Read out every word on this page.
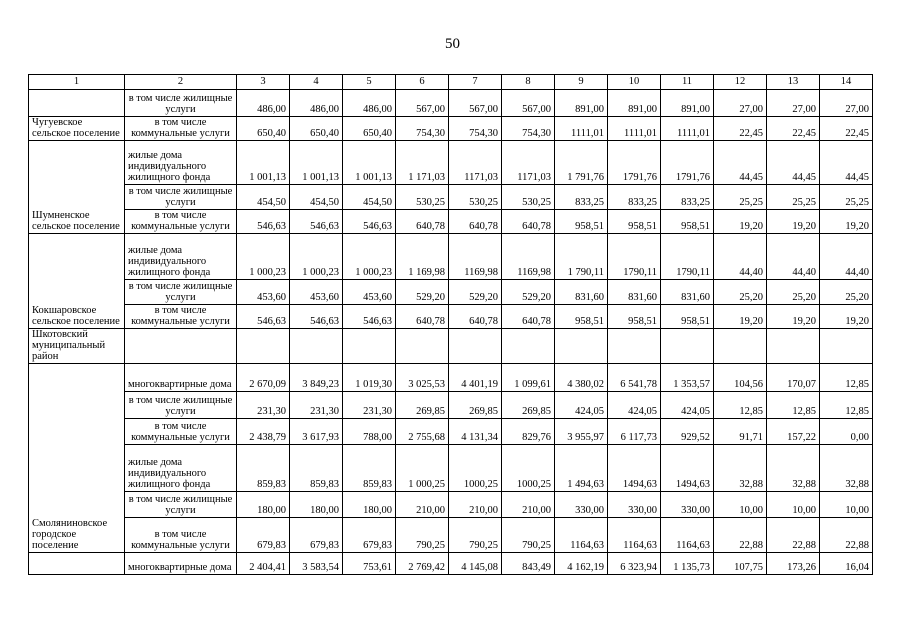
50
1	2	3	4	5	6	7	8	9	10	11	12	13	14
	в том числе жилищные услуги	486,00	486,00	486,00	567,00	567,00	567,00	891,00	891,00	891,00	27,00	27,00	27,00
Чугуевское сельское поселение	в том числе коммунальные услуги	650,40	650,40	650,40	754,30	754,30	754,30	1111,01	1111,01	1111,01	22,45	22,45	22,45
	жилые дома индивидуального жилищного фонда	1 001,13	1 001,13	1 001,13	1 171,03	1171,03	1171,03	1 791,76	1791,76	1791,76	44,45	44,45	44,45
	в том числе жилищные услуги	454,50	454,50	454,50	530,25	530,25	530,25	833,25	833,25	833,25	25,25	25,25	25,25
Шумненское сельское поселение	в том числе коммунальные услуги	546,63	546,63	546,63	640,78	640,78	640,78	958,51	958,51	958,51	19,20	19,20	19,20
	жилые дома индивидуального жилищного фонда	1 000,23	1 000,23	1 000,23	1 169,98	1169,98	1169,98	1 790,11	1790,11	1790,11	44,40	44,40	44,40
	в том числе жилищные услуги	453,60	453,60	453,60	529,20	529,20	529,20	831,60	831,60	831,60	25,20	25,20	25,20
Кокшаровское сельское поселение	в том числе коммунальные услуги	546,63	546,63	546,63	640,78	640,78	640,78	958,51	958,51	958,51	19,20	19,20	19,20
Шкотовский муниципальный район													
	многоквартирные дома	2 670,09	3 849,23	1 019,30	3 025,53	4 401,19	1 099,61	4 380,02	6 541,78	1 353,57	104,56	170,07	12,85
	в том числе жилищные услуги	231,30	231,30	231,30	269,85	269,85	269,85	424,05	424,05	424,05	12,85	12,85	12,85
	в том числе коммунальные услуги	2 438,79	3 617,93	788,00	2 755,68	4 131,34	829,76	3 955,97	6 117,73	929,52	91,71	157,22	0,00
	жилые дома индивидуального жилищного фонда	859,83	859,83	859,83	1 000,25	1000,25	1000,25	1 494,63	1494,63	1494,63	32,88	32,88	32,88
	в том числе жилищные услуги	180,00	180,00	180,00	210,00	210,00	210,00	330,00	330,00	330,00	10,00	10,00	10,00
Смоляниновское городское поселение	в том числе коммунальные услуги	679,83	679,83	679,83	790,25	790,25	790,25	1164,63	1164,63	1164,63	22,88	22,88	22,88
	многоквартирные дома	2 404,41	3 583,54	753,61	2 769,42	4 145,08	843,49	4 162,19	6 323,94	1 135,73	107,75	173,26	16,04
